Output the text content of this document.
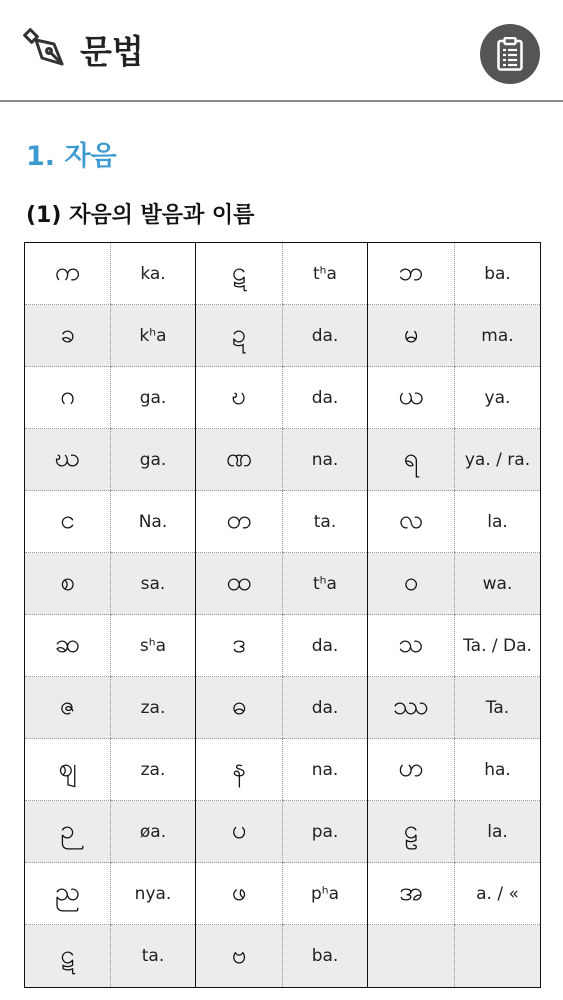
문법
1. 자음
(1) 자음의 발음과 이름
က	ka.	ဋ	tʰa	ဘ	ba.
ခ	kʰa	ဍ	da.	မ	ma.
ဂ	ga.	ဎ	da.	ယ	ya.
ဃ	ga.	ဏ	na.	ရ	ya. / ra.
င	Na.	တ	ta.	လ	la.
စ	sa.	ထ	tʰa	ဝ	wa.
ဆ	sʰa	ဒ	da.	သ	Ta. / Da.
ဇ	za.	ဓ	da.	ဿ	Ta.
ဈ	za.	န	na.	ဟ	ha.
ဉ	øa.	ပ	pa.	ဠ	la.
ည	nya.	ဖ	pʰa	အ	a. / «
ဋ	ta.	ဗ	ba.		
